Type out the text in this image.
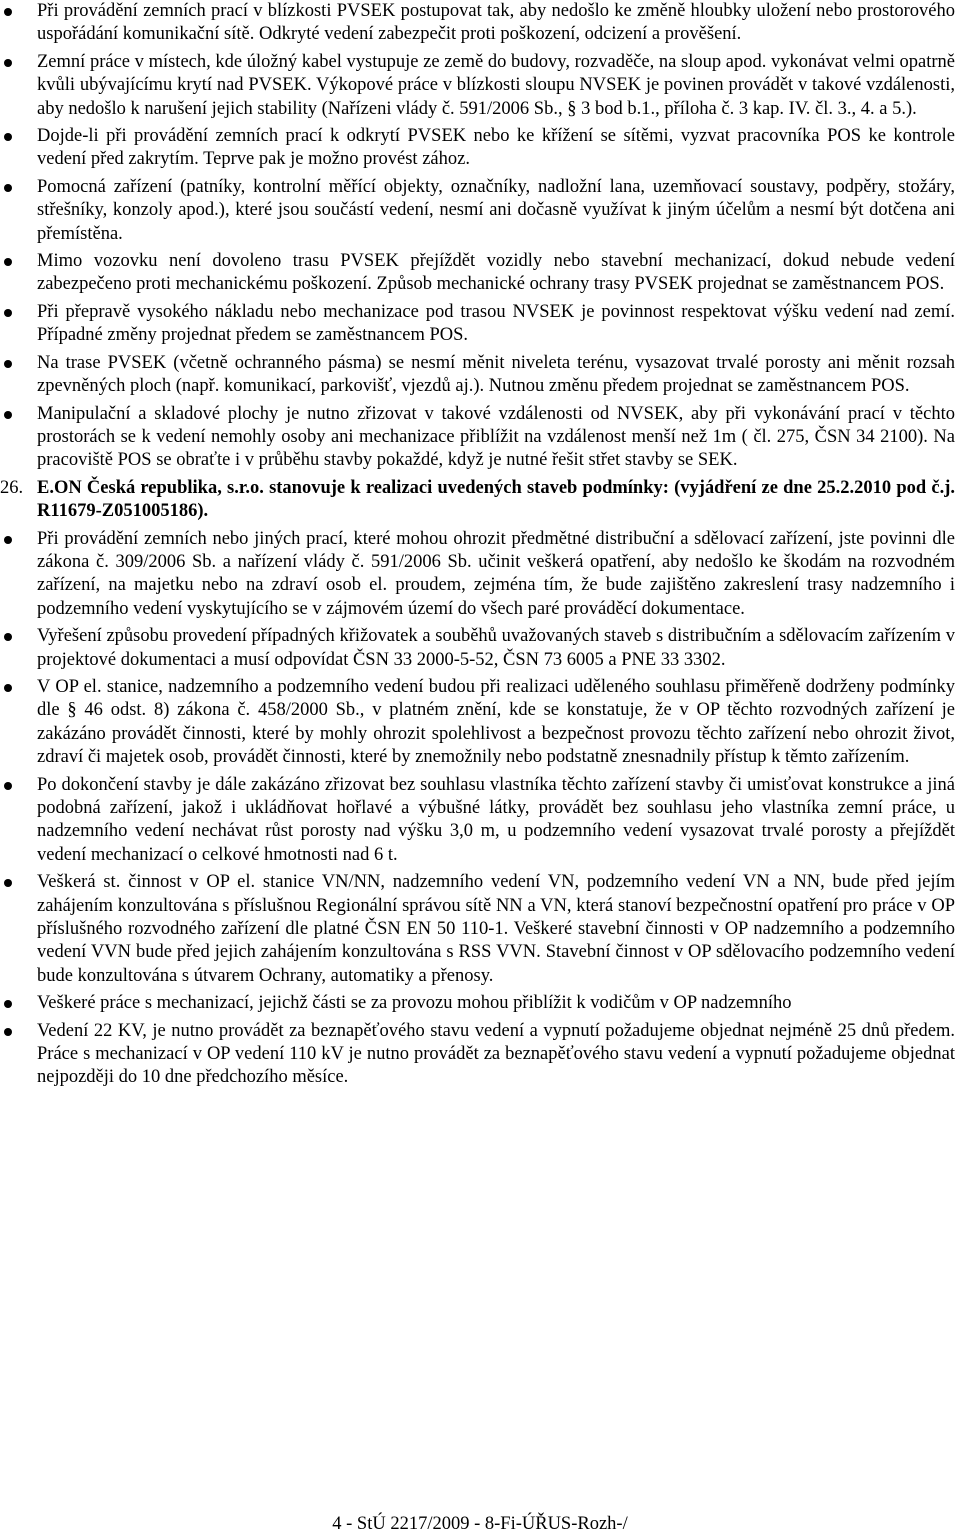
Při provádění zemních prací v blízkosti PVSEK postupovat tak, aby nedošlo ke změně hloubky uložení nebo prostorového uspořádání komunikační sítě. Odkryté vedení zabezpečit proti poškození, odcizení a prověšení.
Zemní práce v místech, kde úložný kabel vystupuje ze země do budovy, rozvaděče, na sloup apod. vykonávat velmi opatrně kvůli ubývajícímu krytí nad PVSEK. Výkopové práce v blízkosti sloupu NVSEK je povinen provádět v takové vzdálenosti, aby nedošlo k narušení jejich stability (Nařízeni vlády č. 591/2006 Sb., § 3 bod b.1., příloha č. 3 kap. IV. čl. 3., 4. a 5.).
Dojde-li při provádění zemních prací k odkrytí PVSEK nebo ke křížení se sítěmi, vyzvat pracovníka POS ke kontrole vedení před zakrytím. Teprve pak je možno provést zához.
Pomocná zařízení (patníky, kontrolní měřící objekty, označníky, nadložní lana, uzemňovací soustavy, podpěry, stožáry, střešníky, konzoly apod.), které jsou součástí vedení, nesmí ani dočasně využívat k jiným účelům a nesmí být dotčena ani přemístěna.
Mimo vozovku není dovoleno trasu PVSEK přejíždět vozidly nebo stavební mechanizací, dokud nebude vedení zabezpečeno proti mechanickému poškození. Způsob mechanické ochrany trasy PVSEK projednat se zaměstnancem POS.
Při přepravě vysokého nákladu nebo mechanizace pod trasou NVSEK je povinnost respektovat výšku vedení nad zemí. Případné změny projednat předem se zaměstnancem POS.
Na trase PVSEK (včetně ochranného pásma) se nesmí měnit niveleta terénu, vysazovat trvalé porosty ani měnit rozsah zpevněných ploch (např. komunikací, parkovišť, vjezdů aj.). Nutnou změnu předem projednat se zaměstnancem POS.
Manipulační a skladové plochy je nutno zřizovat v takové vzdálenosti od NVSEK, aby při vykonávání prací v těchto prostorách se k vedení nemohly osoby ani mechanizace přiblížit na vzdálenost menší než 1m ( čl. 275, ČSN 34 2100). Na pracoviště POS se obraťte i v průběhu stavby pokaždé, když je nutné řešit střet stavby se SEK.
26. E.ON Česká republika, s.r.o. stanovuje k realizaci uvedených staveb podmínky: (vyjádření ze dne 25.2.2010 pod č.j. R11679-Z051005186).
Při provádění zemních nebo jiných prací, které mohou ohrozit předmětné distribuční a sdělovací zařízení, jste povinni dle zákona č. 309/2006 Sb. a nařízení vlády č. 591/2006 Sb. učinit veškerá opatření, aby nedošlo ke škodám na rozvodném zařízení, na majetku nebo na zdraví osob el. proudem, zejména tím, že bude zajištěno zakreslení trasy nadzemního i podzemního vedení vyskytujícího se v zájmovém území do všech paré prováděcí dokumentace.
Vyřešení způsobu provedení případných křižovatek a souběhů uvažovaných staveb s distribučním a sdělovacím zařízením v projektové dokumentaci a musí odpovídat ČSN 33 2000-5-52, ČSN 73 6005 a PNE 33 3302.
V OP el. stanice, nadzemního a podzemního vedení budou při realizaci uděleného souhlasu přiměřeně dodrženy podmínky dle § 46 odst. 8) zákona č. 458/2000 Sb., v platném znění, kde se konstatuje, že v OP těchto rozvodných zařízení je zakázáno provádět činnosti, které by mohly ohrozit spolehlivost a bezpečnost provozu těchto zařízení nebo ohrozit život, zdraví či majetek osob, provádět činnosti, které by znemožnily nebo podstatně znesnadnily přístup k těmto zařízením.
Po dokončení stavby je dále zakázáno zřizovat bez souhlasu vlastníka těchto zařízení stavby či umisťovat konstrukce a jiná podobná zařízení, jakož i ukládňovat hořlavé a výbušné látky, provádět bez souhlasu jeho vlastníka zemní práce, u nadzemního vedení nechávat růst porosty nad výšku 3,0 m, u podzemního vedení vysazovat trvalé porosty a přejíždět vedení mechanizací o celkové hmotnosti nad 6 t.
Veškerá st. činnost v OP el. stanice VN/NN, nadzemního vedení VN, podzemního vedení VN a NN, bude před jejím zahájením konzultována s příslušnou Regionální správou sítě NN a VN, která stanoví bezpečnostní opatření pro práce v OP příslušného rozvodného zařízení dle platné ČSN EN 50 110-1. Veškeré stavební činnosti v OP nadzemního a podzemního vedení VVN bude před jejich zahájením konzultována s RSS VVN. Stavební činnost v OP sdělovacího podzemního vedení bude konzultována s útvarem Ochrany, automatiky a přenosy.
Veškeré práce s mechanizací, jejichž části se za provozu mohou přiblížit k vodičům v OP nadzemního
Vedení 22 KV, je nutno provádět za beznapěťového stavu vedení a vypnutí požadujeme objednat nejméně 25 dnů předem. Práce s mechanizací v OP vedení 110 kV je nutno provádět za beznapěťového stavu vedení a vypnutí požadujeme objednat nejpozději do 10 dne předchozího měsíce.
4 - StÚ 2217/2009 - 8-Fi-ÚŘUS-Rozh-/
